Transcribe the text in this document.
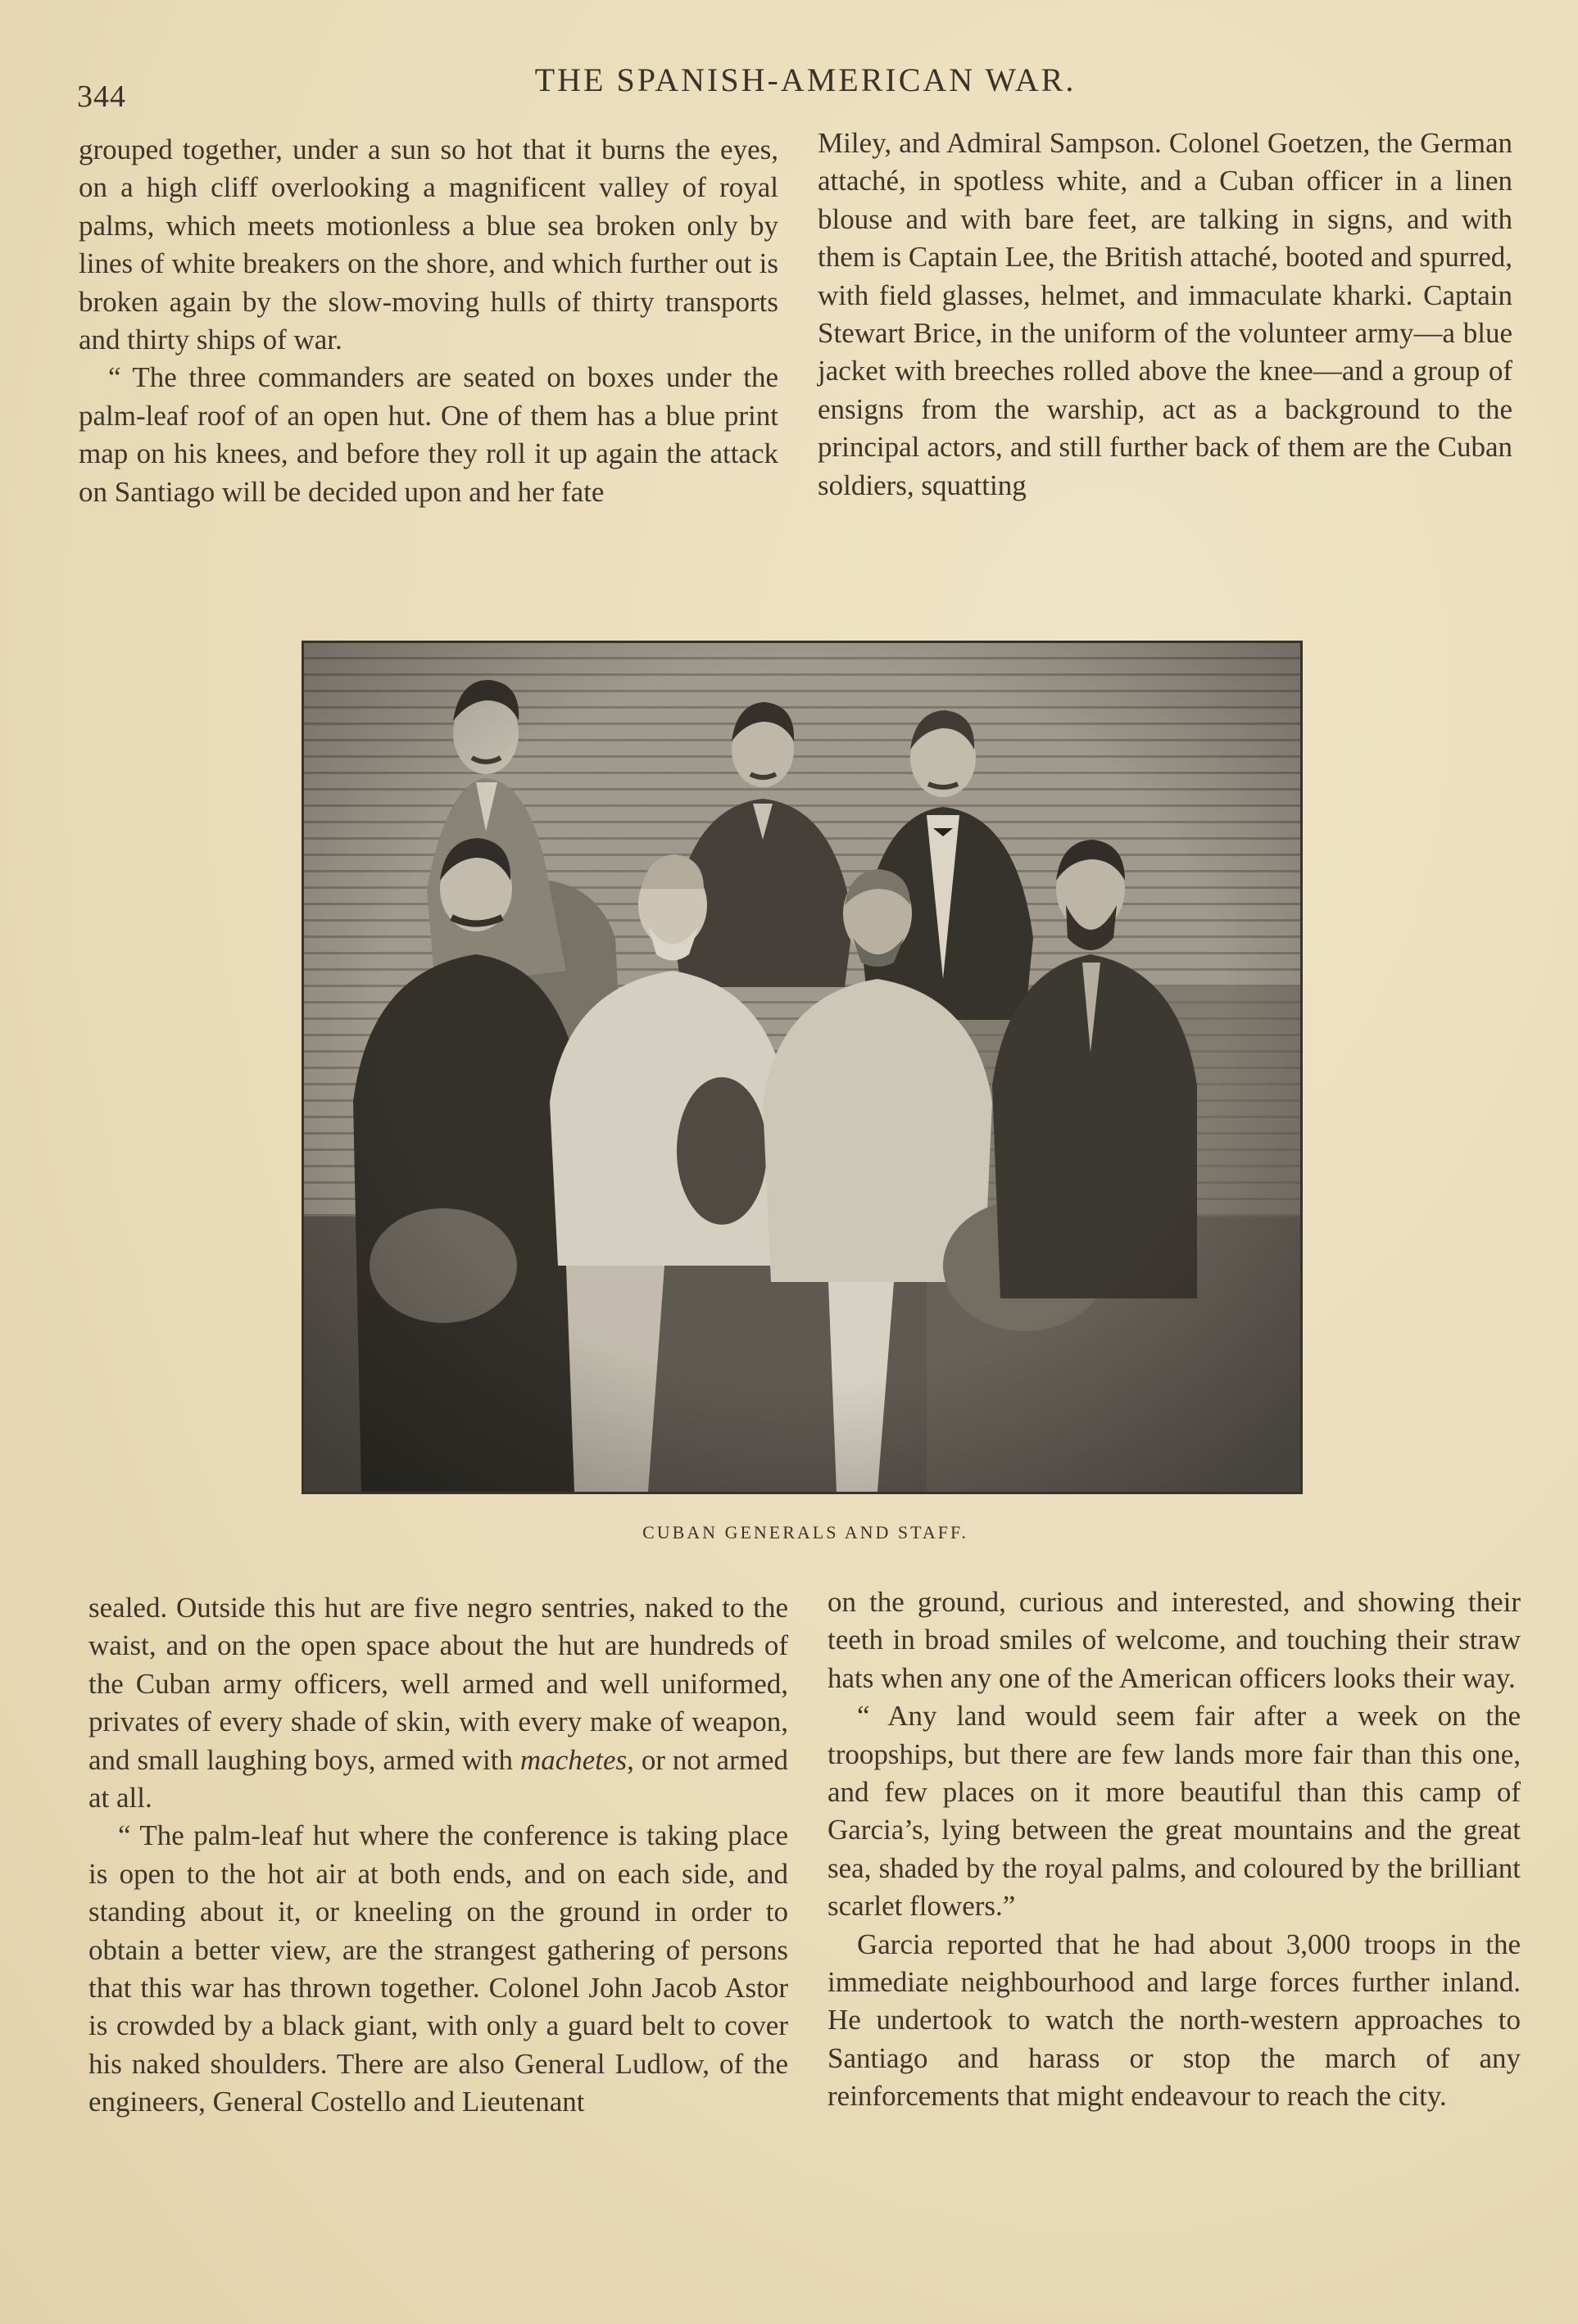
344	THE SPANISH-AMERICAN WAR.

grouped together, under a sun so hot that it burns the eyes, on a high cliff overlooking a magnificent valley of royal palms, which meets motionless a blue sea broken only by lines of white breakers on the shore, and which further out is broken again by the slow-moving hulls of thirty transports and thirty ships of war.

“ The three commanders are seated on boxes under the palm-leaf roof of an open hut. One of them has a blue print map on his knees, and before they roll it up again the attack on Santiago will be decided upon and her fate

Miley, and Admiral Sampson. Colonel Goetzen, the German attaché, in spotless white, and a Cuban officer in a linen blouse and with bare feet, are talking in signs, and with them is Captain Lee, the British attaché, booted and spurred, with field glasses, helmet, and immaculate kharki. Captain Stewart Brice, in the uniform of the volunteer army—a blue jacket with breeches rolled above the knee—and a group of ensigns from the warship, act as a background to the principal actors, and still further back of them are the Cuban soldiers, squatting

CUBAN GENERALS AND STAFF.

sealed. Outside this hut are five negro sentries, naked to the waist, and on the open space about the hut are hundreds of the Cuban army officers, well armed and well uniformed, privates of every shade of skin, with every make of weapon, and small laughing boys, armed with machetes, or not armed at all.

“ The palm-leaf hut where the conference is taking place is open to the hot air at both ends, and on each side, and standing about it, or kneeling on the ground in order to obtain a better view, are the strangest gathering of persons that this war has thrown together. Colonel John Jacob Astor is crowded by a black giant, with only a guard belt to cover his naked shoulders. There are also General Ludlow, of the engineers, General Costello and Lieutenant

on the ground, curious and interested, and showing their teeth in broad smiles of welcome, and touching their straw hats when any one of the American officers looks their way.

“ Any land would seem fair after a week on the troopships, but there are few lands more fair than this one, and few places on it more beautiful than this camp of Garcia’s, lying between the great mountains and the great sea, shaded by the royal palms, and coloured by the brilliant scarlet flowers.”

Garcia reported that he had about 3,000 troops in the immediate neighbourhood and large forces further inland. He undertook to watch the north-western approaches to Santiago and harass or stop the march of any reinforcements that might endeavour to reach the city.
